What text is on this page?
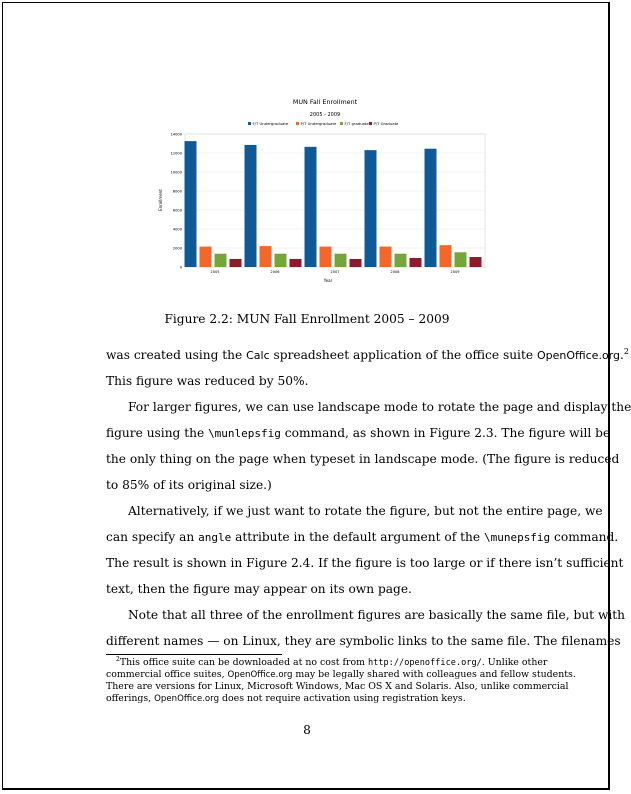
MUN Fall Enrollment
2005 - 2009
F/T Undergraduate	P/T Undergraduate F/T graduate P/T Graduate
0
2000
4000
6000
8000
10000
12000
14000
2005	2006	2007	2008	2009
Year
Enrollment
Figure 2.2: MUN Fall Enrollment 2005 – 2009
was created using the Calc spreadsheet application of the office suite OpenOffice.org.$^2$
This figure was reduced by 50%.
For larger figures, we can use landscape mode to rotate the page and display the
figure using the \munlepsfig command, as shown in Figure 2.3. The figure will be
the only thing on the page when typeset in landscape mode. (The figure is reduced
to 85% of its original size.)
Alternatively, if we just want to rotate the figure, but not the entire page, we
can specify an angle attribute in the default argument of the \munepsfig command.
The result is shown in Figure 2.4. If the figure is too large or if there isn’t sufficient
text, then the figure may appear on its own page.
Note that all three of the enrollment figures are basically the same file, but with
different names — on Linux, they are symbolic links to the same file. The filenames
$^2$This office suite can be downloaded at no cost from http://openoffice.org/. Unlike other
commercial office suites, OpenOffice.org may be legally shared with colleagues and fellow students.
There are versions for Linux, Microsoft Windows, Mac OS X and Solaris. Also, unlike commercial
offerings, OpenOffice.org does not require activation using registration keys.
8
